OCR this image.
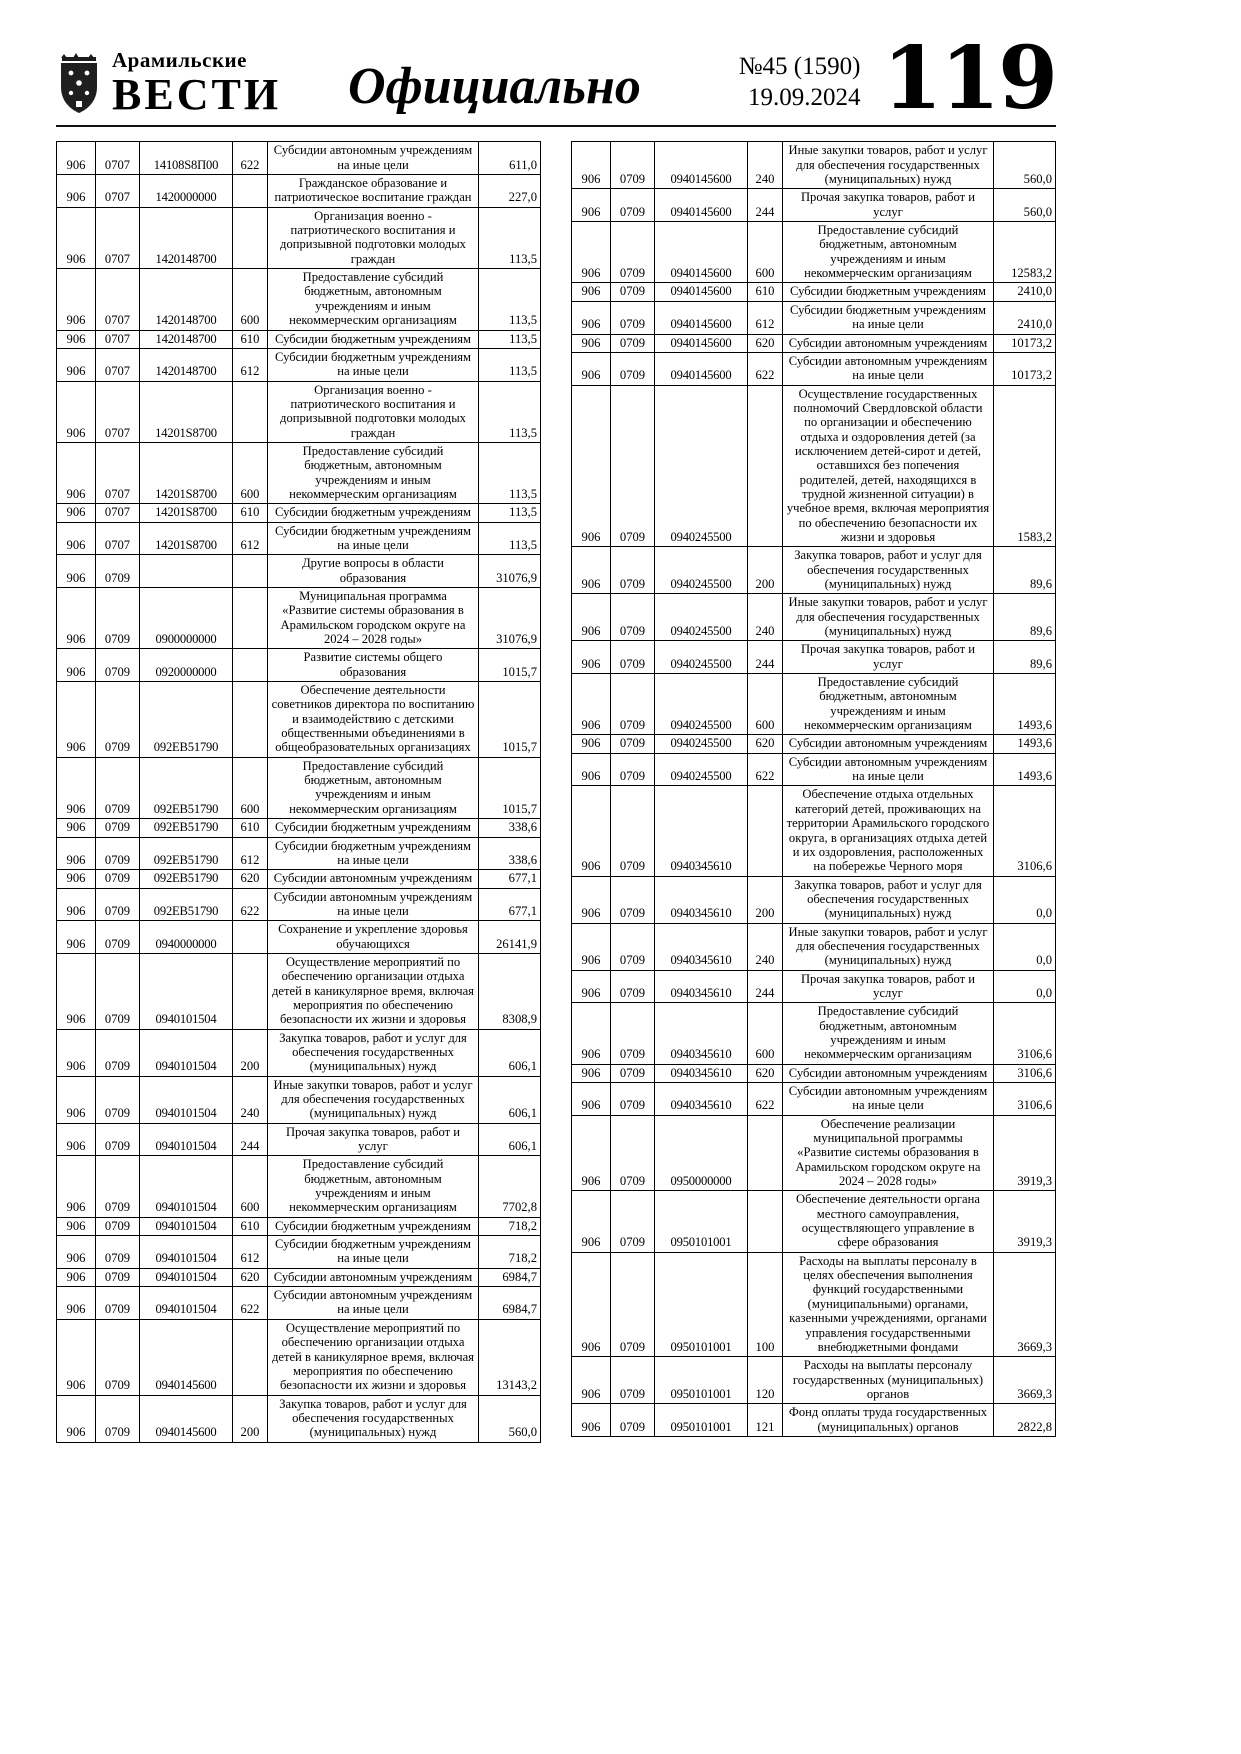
Арамильские
ВЕСТИ Официально	№45 (1590)
19.09.2024 119
906	0707	14108S8П00	622	Субсидии автономным учреждениям на иные цели	611,0
906	0707	1420000000		Гражданское образование и патриотическое воспитание граждан	227,0
906	0707	1420148700		Организация военно - патриотического воспитания и допризывной подготовки молодых граждан	113,5
906	0707	1420148700	600	Предоставление субсидий бюджетным, автономным учреждениям и иным некоммерческим организациям	113,5
906	0707	1420148700	610	Субсидии бюджетным учреждениям	113,5
906	0707	1420148700	612	Субсидии бюджетным учреждениям на иные цели	113,5
906	0707	14201S8700		Организация военно - патриотического воспитания и допризывной подготовки молодых граждан	113,5
906	0707	14201S8700	600	Предоставление субсидий бюджетным, автономным учреждениям и иным некоммерческим организациям	113,5
906	0707	14201S8700	610	Субсидии бюджетным учреждениям	113,5
906	0707	14201S8700	612	Субсидии бюджетным учреждениям на иные цели	113,5
906	0709			Другие вопросы в области образования	31076,9
906	0709	0900000000		Муниципальная программа «Развитие системы образования в Арамильском городском округе на 2024 – 2028 годы»	31076,9
906	0709	0920000000		Развитие системы общего образования	1015,7
906	0709	092EB51790		Обеспечение деятельности советников директора по воспитанию и взаимодействию с детскими общественными объединениями в общеобразовательных организациях	1015,7
906	0709	092EB51790	600	Предоставление субсидий бюджетным, автономным учреждениям и иным некоммерческим организациям	1015,7
906	0709	092EB51790	610	Субсидии бюджетным учреждениям	338,6
906	0709	092EB51790	612	Субсидии бюджетным учреждениям на иные цели	338,6
906	0709	092EB51790	620	Субсидии автономным учреждениям	677,1
906	0709	092EB51790	622	Субсидии автономным учреждениям на иные цели	677,1
906	0709	0940000000		Сохранение и укрепление здоровья обучающихся	26141,9
906	0709	0940101504		Осуществление мероприятий по обеспечению организации отдыха детей в каникулярное время, включая мероприятия по обеспечению безопасности их жизни и здоровья	8308,9
906	0709	0940101504	200	Закупка товаров, работ и услуг для обеспечения государственных (муниципальных) нужд	606,1
906	0709	0940101504	240	Иные закупки товаров, работ и услуг для обеспечения государственных (муниципальных) нужд	606,1
906	0709	0940101504	244	Прочая закупка товаров, работ и услуг	606,1
906	0709	0940101504	600	Предоставление субсидий бюджетным, автономным учреждениям и иным некоммерческим организациям	7702,8
906	0709	0940101504	610	Субсидии бюджетным учреждениям	718,2
906	0709	0940101504	612	Субсидии бюджетным учреждениям на иные цели	718,2
906	0709	0940101504	620	Субсидии автономным учреждениям	6984,7
906	0709	0940101504	622	Субсидии автономным учреждениям на иные цели	6984,7
906	0709	0940145600		Осуществление мероприятий по обеспечению организации отдыха детей в каникулярное время, включая мероприятия по обеспечению безопасности их жизни и здоровья	13143,2
906	0709	0940145600	200	Закупка товаров, работ и услуг для обеспечения государственных (муниципальных) нужд	560,0
906	0709	0940145600	240	Иные закупки товаров, работ и услуг для обеспечения государственных (муниципальных) нужд	560,0
906	0709	0940145600	244	Прочая закупка товаров, работ и услуг	560,0
906	0709	0940145600	600	Предоставление субсидий бюджетным, автономным учреждениям и иным некоммерческим организациям	12583,2
906	0709	0940145600	610	Субсидии бюджетным учреждениям	2410,0
906	0709	0940145600	612	Субсидии бюджетным учреждениям на иные цели	2410,0
906	0709	0940145600	620	Субсидии автономным учреждениям	10173,2
906	0709	0940145600	622	Субсидии автономным учреждениям на иные цели	10173,2
906	0709	0940245500		Осуществление государственных полномочий Свердловской области по организации и обеспечению отдыха и оздоровления детей (за исключением детей-сирот и детей, оставшихся без попечения родителей, детей, находящихся в трудной жизненной ситуации) в учебное время, включая мероприятия по обеспечению безопасности их жизни и здоровья	1583,2
906	0709	0940245500	200	Закупка товаров, работ и услуг для обеспечения государственных (муниципальных) нужд	89,6
906	0709	0940245500	240	Иные закупки товаров, работ и услуг для обеспечения государственных (муниципальных) нужд	89,6
906	0709	0940245500	244	Прочая закупка товаров, работ и услуг	89,6
906	0709	0940245500	600	Предоставление субсидий бюджетным, автономным учреждениям и иным некоммерческим организациям	1493,6
906	0709	0940245500	620	Субсидии автономным учреждениям	1493,6
906	0709	0940245500	622	Субсидии автономным учреждениям на иные цели	1493,6
906	0709	0940345610		Обеспечение отдыха отдельных категорий детей, проживающих на территории Арамильского городского округа, в организациях отдыха детей и их оздоровления, расположенных на побережье Черного моря	3106,6
906	0709	0940345610	200	Закупка товаров, работ и услуг для обеспечения государственных (муниципальных) нужд	0,0
906	0709	0940345610	240	Иные закупки товаров, работ и услуг для обеспечения государственных (муниципальных) нужд	0,0
906	0709	0940345610	244	Прочая закупка товаров, работ и услуг	0,0
906	0709	0940345610	600	Предоставление субсидий бюджетным, автономным учреждениям и иным некоммерческим организациям	3106,6
906	0709	0940345610	620	Субсидии автономным учреждениям	3106,6
906	0709	0940345610	622	Субсидии автономным учреждениям на иные цели	3106,6
906	0709	0950000000		Обеспечение реализации муниципальной программы «Развитие системы образования в Арамильском городском округе на 2024 – 2028 годы»	3919,3
906	0709	0950101001		Обеспечение деятельности органа местного самоуправления, осуществляющего управление в сфере образования	3919,3
906	0709	0950101001	100	Расходы на выплаты персоналу в целях обеспечения выполнения функций государственными (муниципальными) органами, казенными учреждениями, органами управления государственными внебюджетными фондами	3669,3
906	0709	0950101001	120	Расходы на выплаты персоналу государственных (муниципальных) органов	3669,3
906	0709	0950101001	121	Фонд оплаты труда государственных (муниципальных) органов	2822,8
